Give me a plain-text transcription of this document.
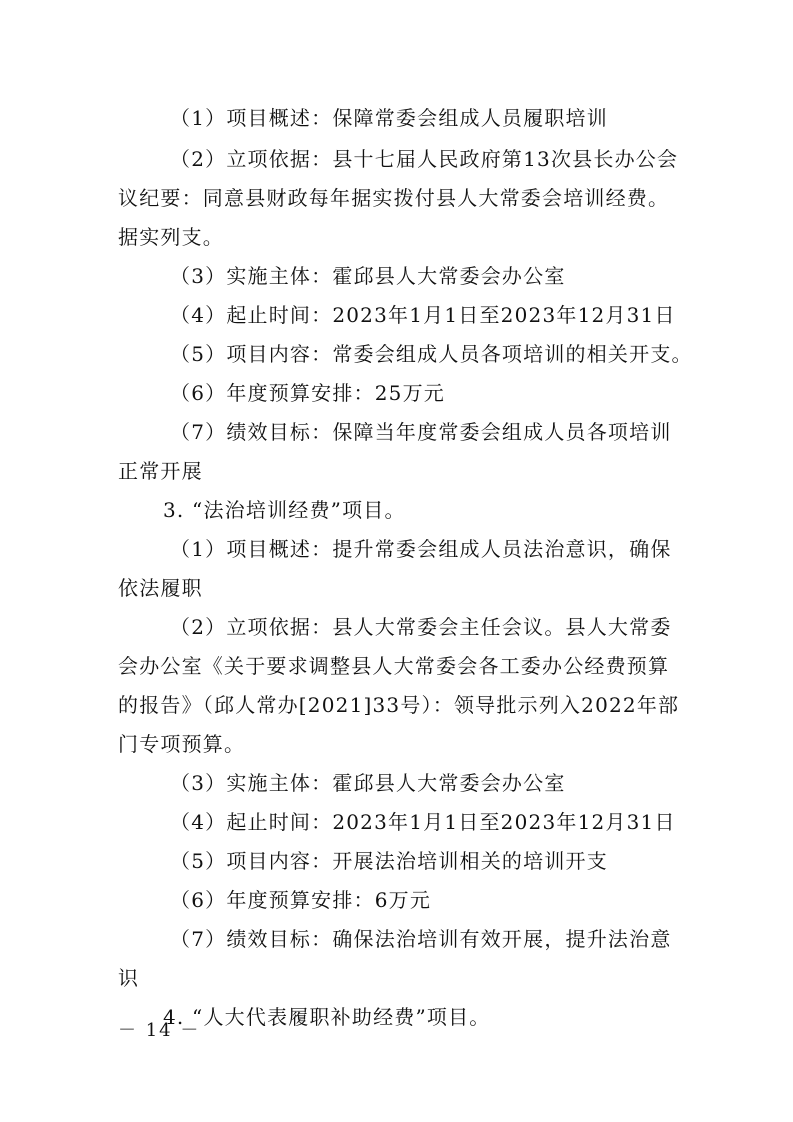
（1）项目概述：保障常委会组成人员履职培训
（2）立项依据：县十七届人民政府第13次县长办公会
议纪要：同意县财政每年据实拨付县人大常委会培训经费。
据实列支。
（3）实施主体：霍邱县人大常委会办公室
（4）起止时间：2023年1月1日至2023年12月31日
（5）项目内容：常委会组成人员各项培训的相关开支。
（6）年度预算安排：25万元
（7）绩效目标：保障当年度常委会组成人员各项培训
正常开展
3. “法治培训经费”项目。
（1）项目概述：提升常委会组成人员法治意识，确保
依法履职
（2）立项依据：县人大常委会主任会议。县人大常委
会办公室《关于要求调整县人大常委会各工委办公经费预算
的报告》（邱人常办[2021]33号）：领导批示列入2022年部
门专项预算。
（3）实施主体：霍邱县人大常委会办公室
（4）起止时间：2023年1月1日至2023年12月31日
（5）项目内容：开展法治培训相关的培训开支
（6）年度预算安排：6万元
（7）绩效目标：确保法治培训有效开展，提升法治意
识
4. “人大代表履职补助经费”项目。
－ 14 －
